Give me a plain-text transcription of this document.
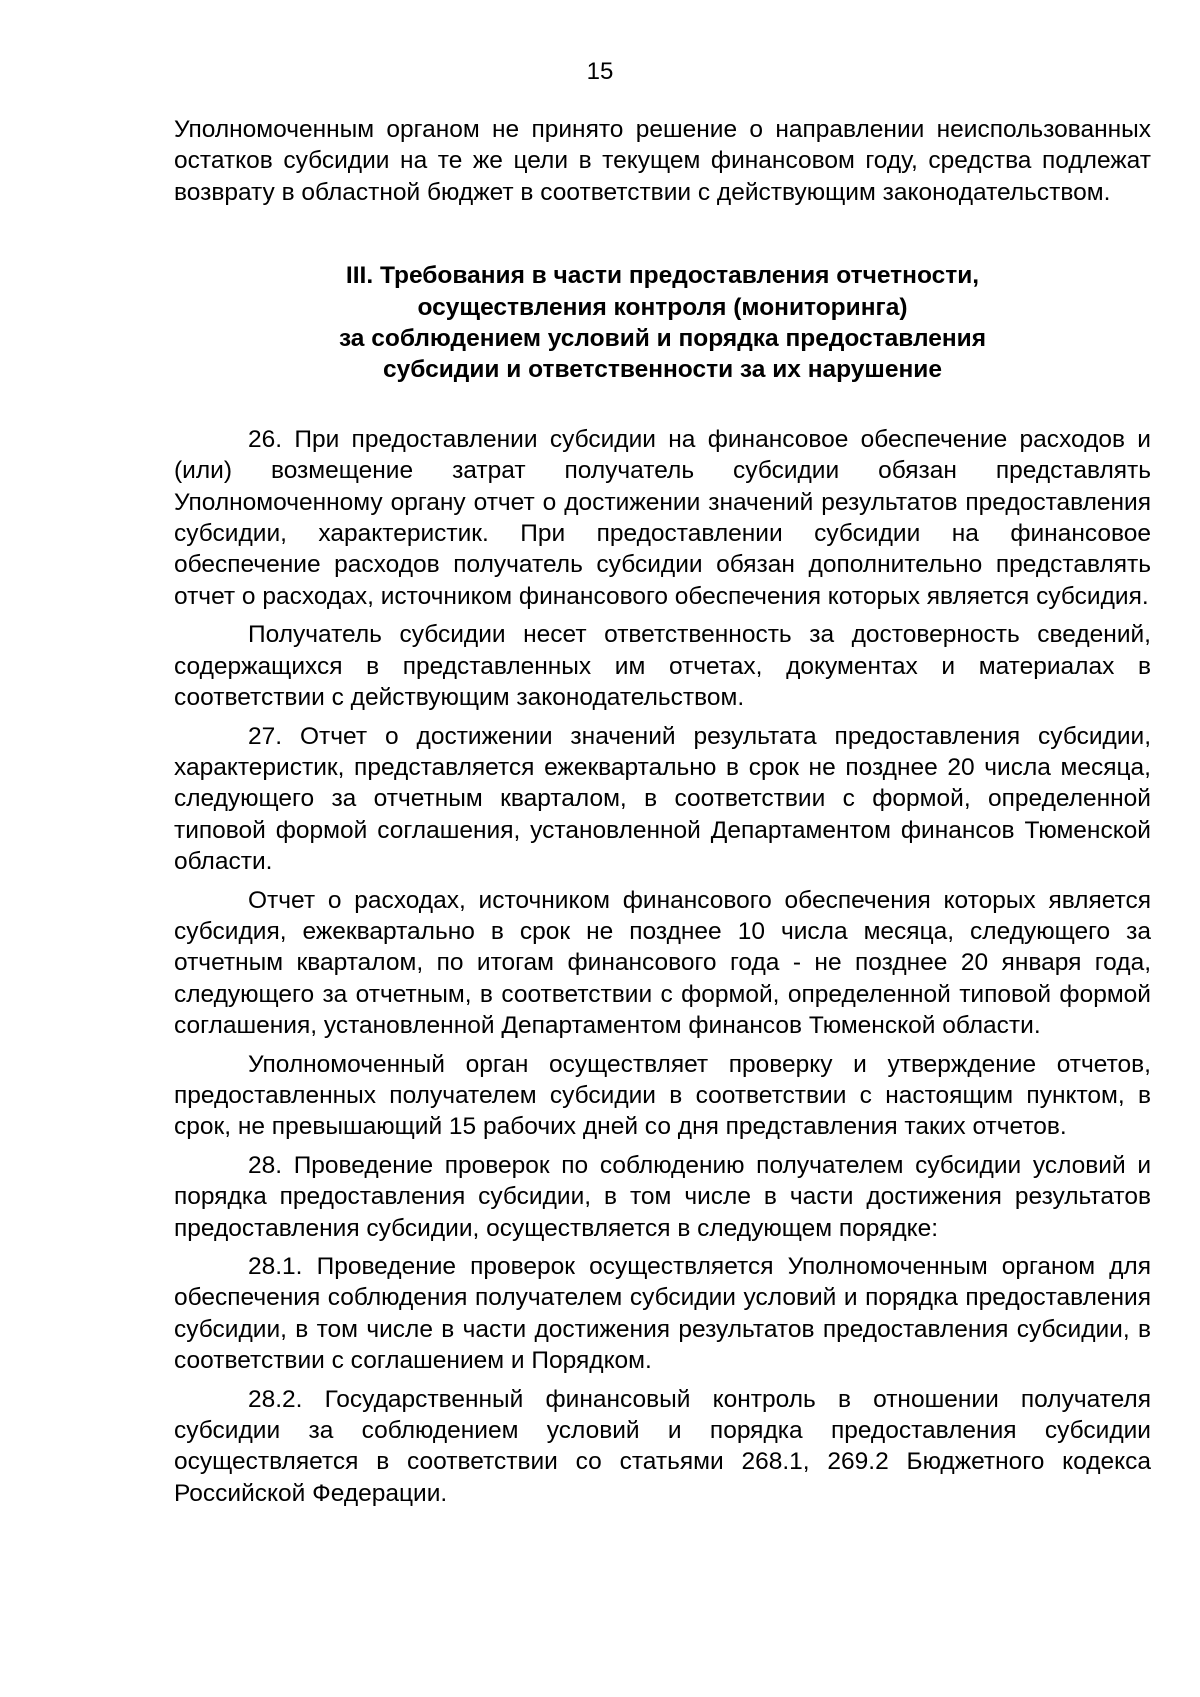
15

Уполномоченным органом не принято решение о направлении неиспользованных остатков субсидии на те же цели в текущем финансовом году, средства подлежат возврату в областной бюджет в соответствии с действующим законодательством.

III. Требования в части предоставления отчетности,
осуществления контроля (мониторинга)
за соблюдением условий и порядка предоставления
субсидии и ответственности за их нарушение

26. При предоставлении субсидии на финансовое обеспечение расходов и (или) возмещение затрат получатель субсидии обязан представлять Уполномоченному органу отчет о достижении значений результатов предоставления субсидии, характеристик. При предоставлении субсидии на финансовое обеспечение расходов получатель субсидии обязан дополнительно представлять отчет о расходах, источником финансового обеспечения которых является субсидия.

Получатель субсидии несет ответственность за достоверность сведений, содержащихся в представленных им отчетах, документах и материалах в соответствии с действующим законодательством.

27. Отчет о достижении значений результата предоставления субсидии, характеристик, представляется ежеквартально в срок не позднее 20 числа месяца, следующего за отчетным кварталом, в соответствии с формой, определенной типовой формой соглашения, установленной Департаментом финансов Тюменской области.

Отчет о расходах, источником финансового обеспечения которых является субсидия, ежеквартально в срок не позднее 10 числа месяца, следующего за отчетным кварталом, по итогам финансового года - не позднее 20 января года, следующего за отчетным, в соответствии с формой, определенной типовой формой соглашения, установленной Департаментом финансов Тюменской области.

Уполномоченный орган осуществляет проверку и утверждение отчетов, предоставленных получателем субсидии в соответствии с настоящим пунктом, в срок, не превышающий 15 рабочих дней со дня представления таких отчетов.

28. Проведение проверок по соблюдению получателем субсидии условий и порядка предоставления субсидии, в том числе в части достижения результатов предоставления субсидии, осуществляется в следующем порядке:

28.1. Проведение проверок осуществляется Уполномоченным органом для обеспечения соблюдения получателем субсидии условий и порядка предоставления субсидии, в том числе в части достижения результатов предоставления субсидии, в соответствии с соглашением и Порядком.

28.2. Государственный финансовый контроль в отношении получателя субсидии за соблюдением условий и порядка предоставления субсидии осуществляется в соответствии со статьями 268.1, 269.2 Бюджетного кодекса Российской Федерации.
